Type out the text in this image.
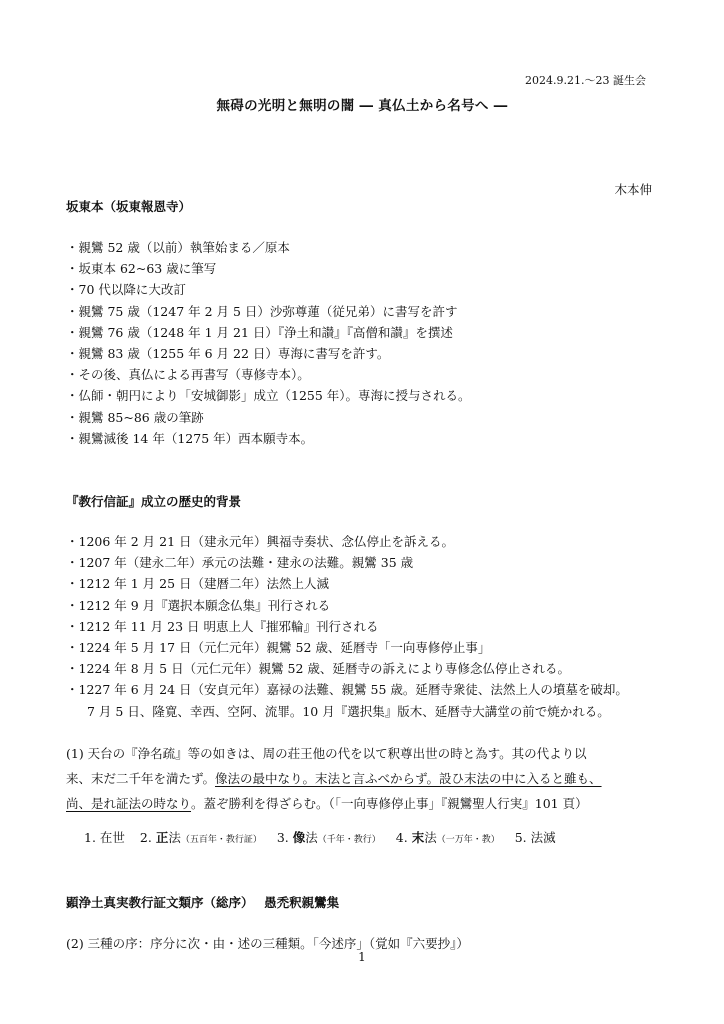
2024.9.21.～23 誕生会
無碍の光明と無明の闇 ― 真仏土から名号へ ―
木本伸
坂東本（坂東報恩寺）
・親鸞 52 歳（以前）執筆始まる／原本
・坂東本 62~63 歳に筆写
・70 代以降に大改訂
・親鸞 75 歳（1247 年 2 月 5 日）沙弥尊蓮（従兄弟）に書写を許す
・親鸞 76 歳（1248 年 1 月 21 日）『浄土和讃』『高僧和讃』を撰述
・親鸞 83 歳（1255 年 6 月 22 日）専海に書写を許す。
・その後、真仏による再書写（専修寺本）。
・仏師・朝円により「安城御影」成立（1255 年）。専海に授与される。
・親鸞 85~86 歳の筆跡
・親鸞滅後 14 年（1275 年）西本願寺本。
『教行信証』成立の歴史的背景
・1206 年 2 月 21 日（建永元年）興福寺奏状、念仏停止を訴える。
・1207 年（建永二年）承元の法難・建永の法難。親鸞 35 歳
・1212 年 1 月 25 日（建暦二年）法然上人滅
・1212 年 9 月『選択本願念仏集』刊行される
・1212 年 11 月 23 日 明恵上人『摧邪輪』刊行される
・1224 年 5 月 17 日（元仁元年）親鸞 52 歳、延暦寺「一向専修停止事」
・1224 年 8 月 5 日（元仁元年）親鸞 52 歳、延暦寺の訴えにより専修念仏停止される。
・1227 年 6 月 24 日（安貞元年）嘉禄の法難、親鸞 55 歳。延暦寺衆徒、法然上人の墳墓を破却。
7 月 5 日、隆寛、幸西、空阿、流罪。10 月『選択集』版木、延暦寺大講堂の前で焼かれる。
(1) 天台の『浄名疏』等の如きは、周の荘王他の代を以て釈尊出世の時と為す。其の代より以
来、末だ二千年を満たず。像法の最中なり。末法と言ふべからず。設ひ末法の中に入ると雖も、
尚、是れ証法の時なり。蓋ぞ勝利を得ざらむ。（「一向専修停止事」『親鸞聖人行実』101 頁）
1. 在世 2. 正法（五百年・教行証） 3. 像法（千年・教行） 4. 末法（一万年・教） 5. 法滅
顕浄土真実教行証文類序（総序）　 愚禿釈親鸞集
(2) 三種の序：序分に次・由・述の三種類。「今述序」（覚如『六要抄』）
1
